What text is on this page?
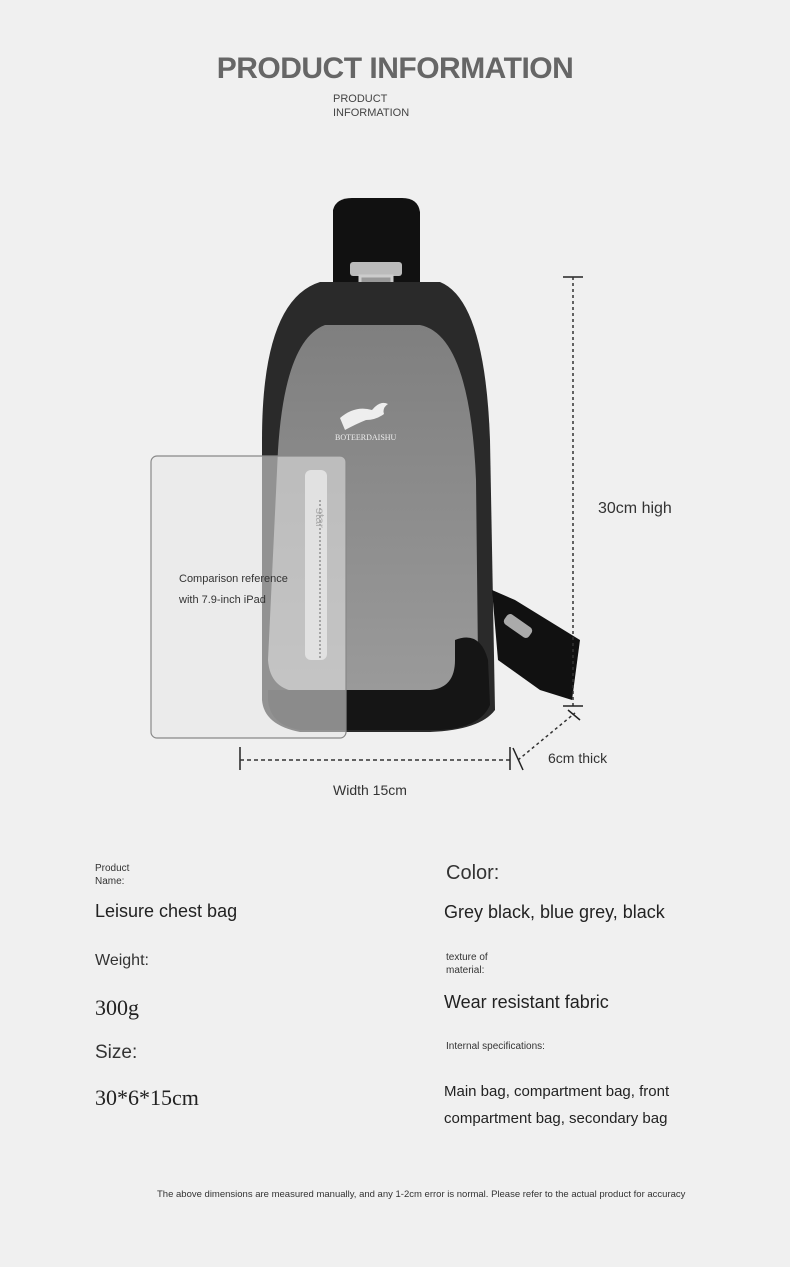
PRODUCT INFORMATION
PRODUCT
INFORMATION
BOTEERDAISHU
30cm high
6cm thick
Width 15cm
Comparison reference
with 7.9-inch iPad
Product
Name:
Leisure chest bag
Color:
Grey black, blue grey, black
Weight:
300g
texture of
material:
Wear resistant fabric
Size:
30*6*15cm
Internal specifications:
Main bag, compartment bag, front
compartment bag, secondary bag
The above dimensions are measured manually, and any 1-2cm error is normal. Please refer to the actual product for accuracy
